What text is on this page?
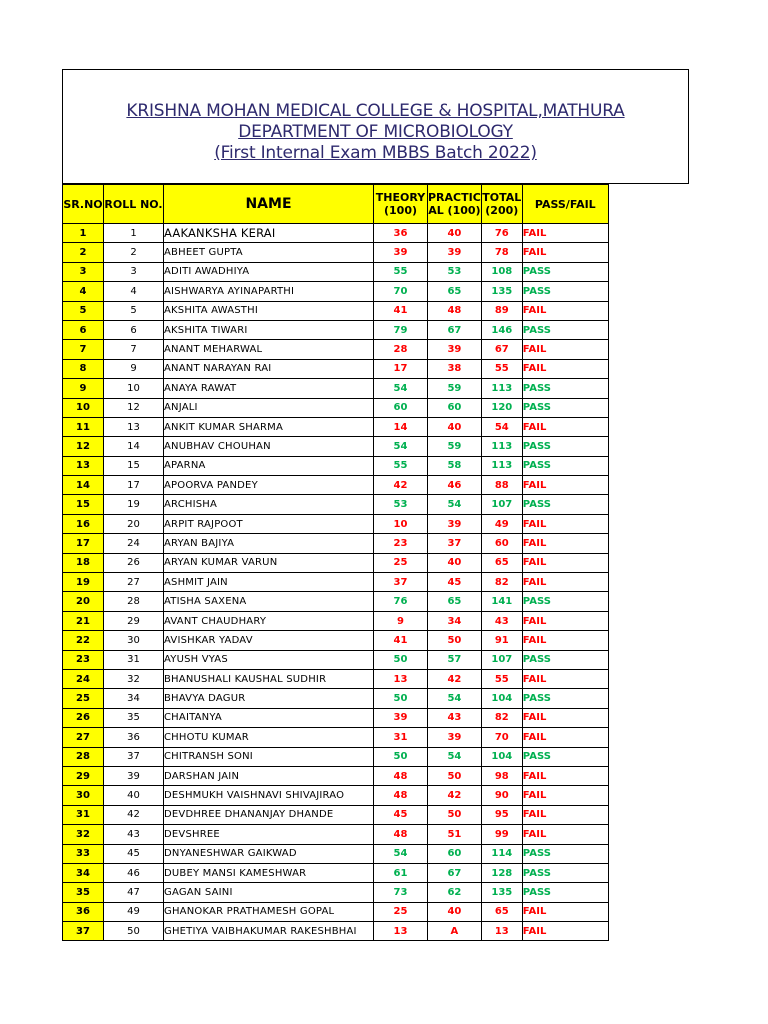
KRISHNA MOHAN MEDICAL COLLEGE & HOSPITAL,MATHURA
DEPARTMENT OF MICROBIOLOGY
(First Internal Exam MBBS Batch 2022)
SR.NO	ROLL NO.	NAME	THEORY (100)	PRACTIC AL (100)	TOTAL (200)	PASS/FAIL
1	1	AAKANKSHA KERAI	36	40	76	FAIL
2	2	ABHEET GUPTA	39	39	78	FAIL
3	3	ADITI AWADHIYA	55	53	108	PASS
4	4	AISHWARYA AYINAPARTHI	70	65	135	PASS
5	5	AKSHITA AWASTHI	41	48	89	FAIL
6	6	AKSHITA TIWARI	79	67	146	PASS
7	7	ANANT MEHARWAL	28	39	67	FAIL
8	9	ANANT NARAYAN RAI	17	38	55	FAIL
9	10	ANAYA RAWAT	54	59	113	PASS
10	12	ANJALI	60	60	120	PASS
11	13	ANKIT KUMAR SHARMA	14	40	54	FAIL
12	14	ANUBHAV CHOUHAN	54	59	113	PASS
13	15	APARNA	55	58	113	PASS
14	17	APOORVA PANDEY	42	46	88	FAIL
15	19	ARCHISHA	53	54	107	PASS
16	20	ARPIT RAJPOOT	10	39	49	FAIL
17	24	ARYAN BAJIYA	23	37	60	FAIL
18	26	ARYAN KUMAR VARUN	25	40	65	FAIL
19	27	ASHMIT JAIN	37	45	82	FAIL
20	28	ATISHA SAXENA	76	65	141	PASS
21	29	AVANT CHAUDHARY	9	34	43	FAIL
22	30	AVISHKAR YADAV	41	50	91	FAIL
23	31	AYUSH VYAS	50	57	107	PASS
24	32	BHANUSHALI KAUSHAL SUDHIR	13	42	55	FAIL
25	34	BHAVYA DAGUR	50	54	104	PASS
26	35	CHAITANYA	39	43	82	FAIL
27	36	CHHOTU KUMAR	31	39	70	FAIL
28	37	CHITRANSH SONI	50	54	104	PASS
29	39	DARSHAN JAIN	48	50	98	FAIL
30	40	DESHMUKH VAISHNAVI SHIVAJIRAO	48	42	90	FAIL
31	42	DEVDHREE DHANANJAY DHANDE	45	50	95	FAIL
32	43	DEVSHREE	48	51	99	FAIL
33	45	DNYANESHWAR GAIKWAD	54	60	114	PASS
34	46	DUBEY MANSI KAMESHWAR	61	67	128	PASS
35	47	GAGAN SAINI	73	62	135	PASS
36	49	GHANOKAR PRATHAMESH GOPAL	25	40	65	FAIL
37	50	GHETIYA VAIBHAKUMAR RAKESHBHAI	13	A	13	FAIL
